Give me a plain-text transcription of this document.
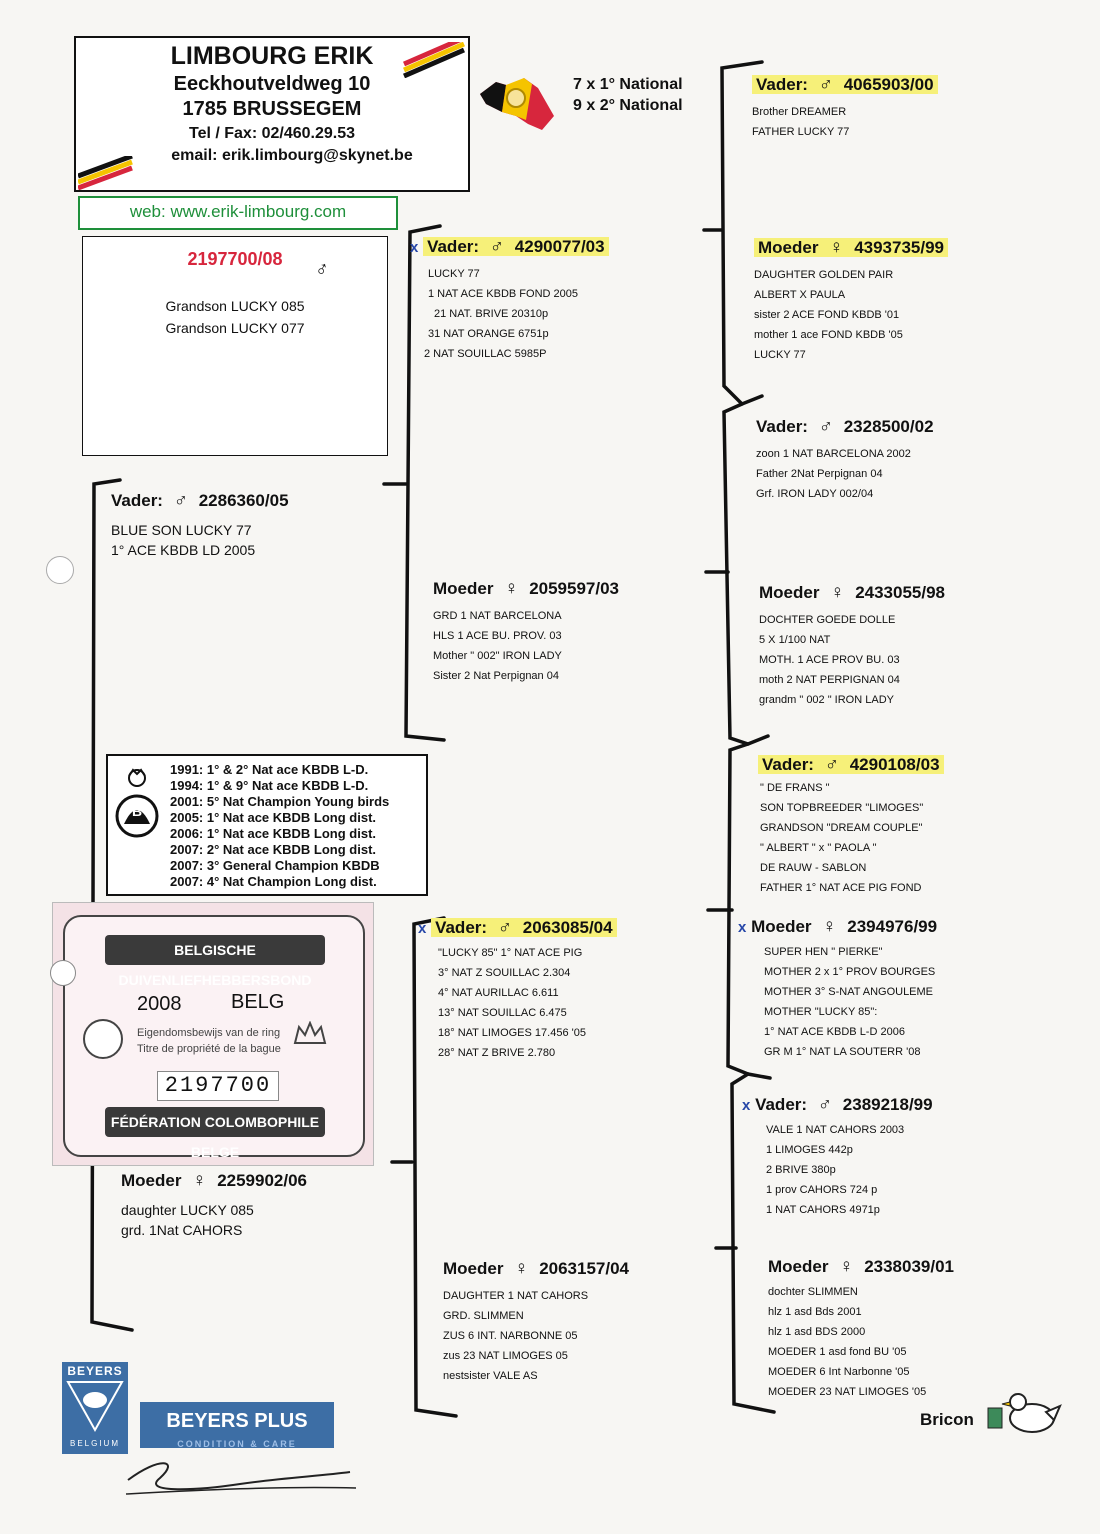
LIMBOURG ERIK
Eeckhoutveldweg 10
1785 BRUSSEGEM
Tel / Fax: 02/460.29.53
email: erik.limbourg@skynet.be
web: www.erik-limbourg.com
7 x 1° National
9 x 2° National
2197700/08	♂
Grandson LUCKY 085
Grandson LUCKY 077
Vader: ♂ 2286360/05
BLUE SON LUCKY 77
1° ACE KBDB LD 2005
Moeder ♀ 2259902/06
daughter LUCKY 085
grd. 1Nat CAHORS
x Vader: ♂ 4290077/03
LUCKY 77
1 NAT ACE KBDB FOND 2005
21 NAT. BRIVE 20310p
31 NAT ORANGE 6751p
2 NAT SOUILLAC 5985P
Moeder ♀ 2059597/03
GRD 1 NAT BARCELONA
HLS 1 ACE BU. PROV. 03
Mother " 002" IRON LADY
Sister 2 Nat Perpignan 04
x Vader: ♂ 2063085/04
"LUCKY 85" 1° NAT ACE PIG
3° NAT Z SOUILLAC 2.304
4° NAT AURILLAC 6.611
13° NAT SOUILLAC 6.475
18° NAT LIMOGES 17.456 '05
28° NAT Z BRIVE 2.780
Moeder ♀ 2063157/04
DAUGHTER 1 NAT CAHORS
GRD. SLIMMEN
ZUS 6 INT. NARBONNE 05
zus 23 NAT LIMOGES 05
nestsister VALE AS
Vader: ♂ 4065903/00
Brother DREAMER
FATHER LUCKY 77
Moeder ♀ 4393735/99
DAUGHTER GOLDEN PAIR
ALBERT X PAULA
sister 2 ACE FOND KBDB '01
mother 1 ace FOND KBDB '05
LUCKY 77
Vader: ♂ 2328500/02
zoon 1 NAT BARCELONA 2002
Father 2Nat Perpignan 04
Grf. IRON LADY 002/04
Moeder ♀ 2433055/98
DOCHTER GOEDE DOLLE
5 X 1/100 NAT
MOTH. 1 ACE PROV BU. 03
moth 2 NAT PERPIGNAN 04
grandm " 002 " IRON LADY
Vader: ♂ 4290108/03
" DE FRANS "
SON TOPBREEDER "LIMOGES"
GRANDSON "DREAM COUPLE"
" ALBERT " x " PAOLA "
DE RAUW - SABLON
FATHER 1° NAT ACE PIG FOND
x Moeder ♀ 2394976/99
SUPER HEN " PIERKE"
MOTHER 2 x 1° PROV BOURGES
MOTHER 3° S-NAT ANGOULEME
MOTHER "LUCKY 85":
1° NAT ACE KBDB L-D 2006
GR M 1° NAT LA SOUTERR '08
x Vader: ♂ 2389218/99
VALE 1 NAT CAHORS 2003
1 LIMOGES 442p
2 BRIVE 380p
1 prov CAHORS 724 p
1 NAT CAHORS 4971p
Moeder ♀ 2338039/01
dochter SLIMMEN
hlz 1 asd Bds 2001
hlz 1 asd BDS 2000
MOEDER 1 asd fond BU '05
MOEDER 6 Int Narbonne '05
MOEDER 23 NAT LIMOGES '05
B
1991: 1° & 2° Nat ace KBDB L-D.
1994: 1° & 9° Nat ace KBDB L-D.
2001: 5° Nat Champion Young birds
2005: 1° Nat ace KBDB Long dist.
2006: 1° Nat ace KBDB Long dist.
2007: 2° Nat ace KBDB Long dist.
2007: 3° General Champion KBDB
2007: 4° Nat Champion Long dist.
BELGISCHE DUIVENLIEFHEBBERSBOND
2008 BELG
Eigendomsbewijs van de ring
Titre de propriété de la bague
2197700
FÉDÉRATION COLOMBOPHILE BELGE
BEYERS
BELGIUM
BEYERS PLUS
CONDITION & CARE
Bricon
